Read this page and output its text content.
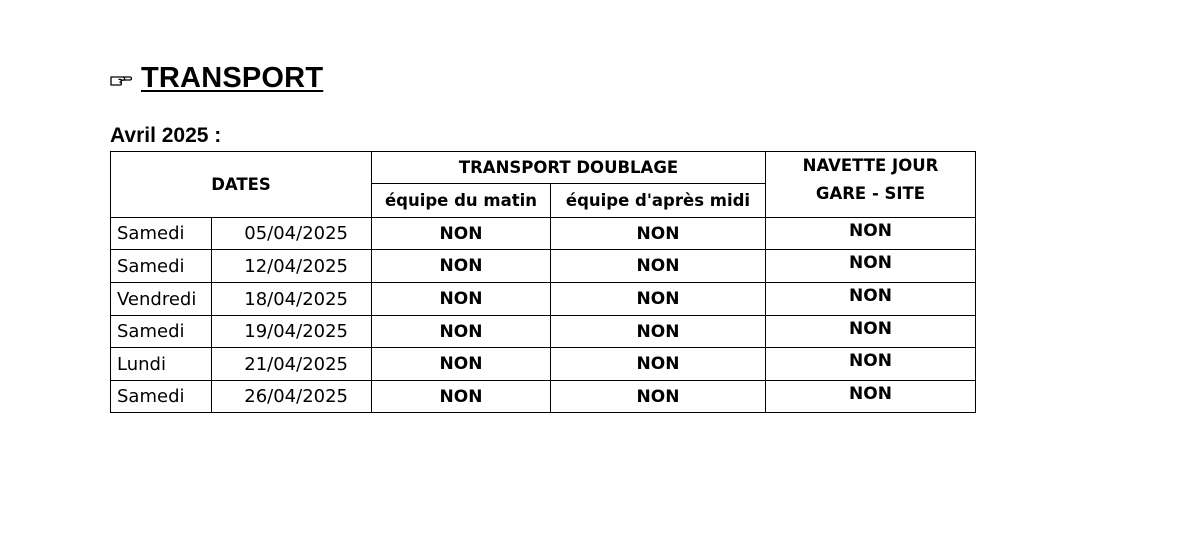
TRANSPORT
Avril 2025 :
DATES		TRANSPORT DOUBLAGE		NAVETTE JOUR
GARE - SITE

		équipe du matin	équipe d'après midi	
Samedi	05/04/2025	NON	NON	NON
Samedi	12/04/2025	NON	NON	NON
Vendredi	18/04/2025	NON	NON	NON
Samedi	19/04/2025	NON	NON	NON
Lundi	21/04/2025	NON	NON	NON
Samedi	26/04/2025	NON	NON	NON
